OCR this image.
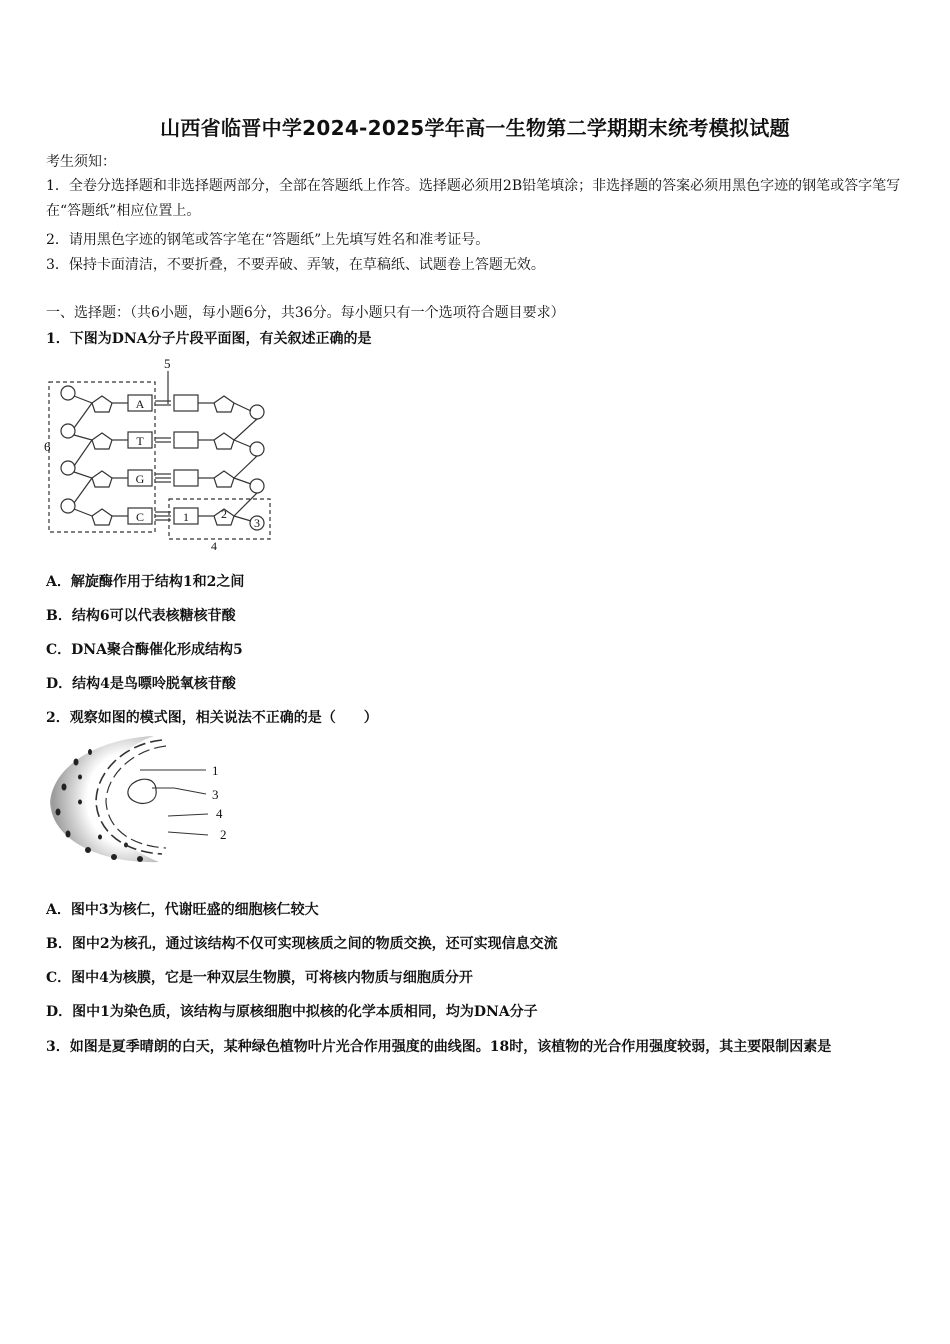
山西省临晋中学2024-2025学年高一生物第二学期期末统考模拟试题
考生须知：
1．全卷分选择题和非选择题两部分，全部在答题纸上作答。选择题必须用2B铅笔填涂；非选择题的答案必须用黑色字迹的钢笔或答字笔写在“答题纸”相应位置上。
2．请用黑色字迹的钢笔或答字笔在“答题纸”上先填写姓名和准考证号。
3．保持卡面清洁，不要折叠，不要弄破、弄皱，在草稿纸、试题卷上答题无效。
一、选择题：（共6小题，每小题6分，共36分。每小题只有一个选项符合题目要求）
1．下图为DNA分子片段平面图，有关叙述正确的是
5
6
4
A
T
G
C	1	2
3
A．解旋酶作用于结构1和2之间
B．结构6可以代表核糖核苷酸
C．DNA聚合酶催化形成结构5
D．结构4是鸟嘌呤脱氧核苷酸
2．观察如图的模式图，相关说法不正确的是（　　）
1
3
4
2
A．图中3为核仁，代谢旺盛的细胞核仁较大
B．图中2为核孔，通过该结构不仅可实现核质之间的物质交换，还可实现信息交流
C．图中4为核膜，它是一种双层生物膜，可将核内物质与细胞质分开
D．图中1为染色质，该结构与原核细胞中拟核的化学本质相同，均为DNA分子
3．如图是夏季晴朗的白天，某种绿色植物叶片光合作用强度的曲线图。18时，该植物的光合作用强度较弱，其主要限制因素是
